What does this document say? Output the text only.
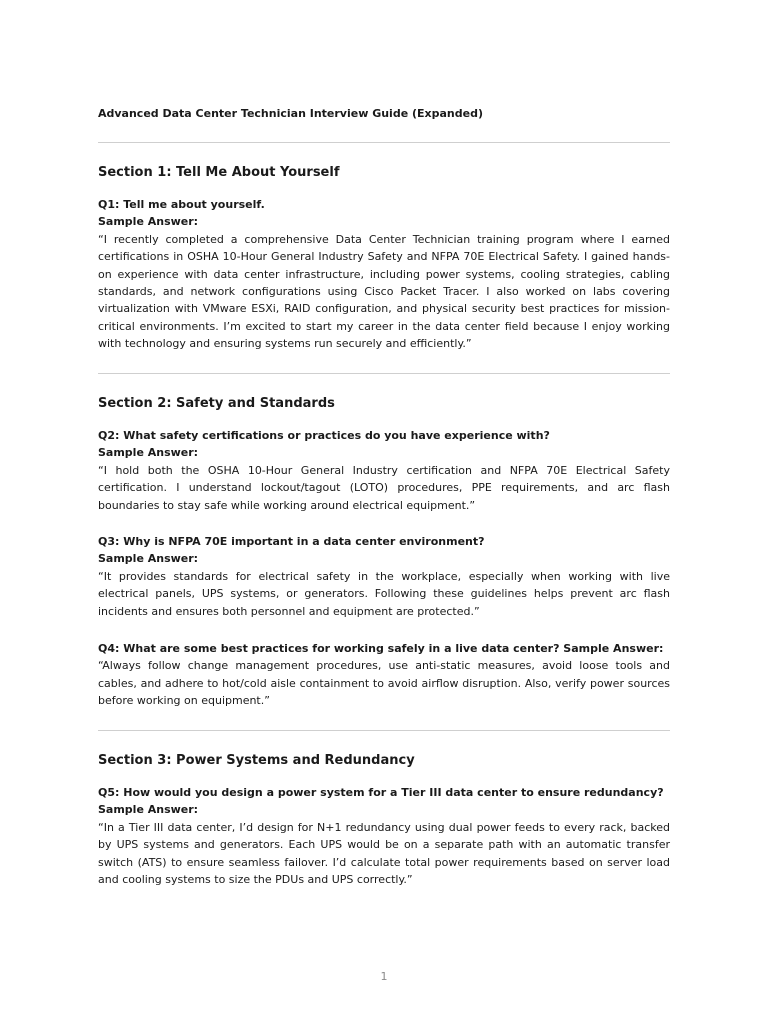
Advanced Data Center Technician Interview Guide (Expanded)
Section 1: Tell Me About Yourself
Q1: Tell me about yourself.
Sample Answer:
“I recently completed a comprehensive Data Center Technician training program where I earned certifications in OSHA 10-Hour General Industry Safety and NFPA 70E Electrical Safety. I gained hands-on experience with data center infrastructure, including power systems, cooling strategies, cabling standards, and network configurations using Cisco Packet Tracer. I also worked on labs covering virtualization with VMware ESXi, RAID configuration, and physical security best practices for mission-critical environments. I’m excited to start my career in the data center field because I enjoy working with technology and ensuring systems run securely and efficiently.”
Section 2: Safety and Standards
Q2: What safety certifications or practices do you have experience with?
Sample Answer:
“I hold both the OSHA 10-Hour General Industry certification and NFPA 70E Electrical Safety certification. I understand lockout/tagout (LOTO) procedures, PPE requirements, and arc flash boundaries to stay safe while working around electrical equipment.”
Q3: Why is NFPA 70E important in a data center environment?
Sample Answer:
“It provides standards for electrical safety in the workplace, especially when working with live electrical panels, UPS systems, or generators. Following these guidelines helps prevent arc flash incidents and ensures both personnel and equipment are protected.”
Q4: What are some best practices for working safely in a live data center? Sample Answer:
“Always follow change management procedures, use anti-static measures, avoid loose tools and cables, and adhere to hot/cold aisle containment to avoid airflow disruption. Also, verify power sources before working on equipment.”
Section 3: Power Systems and Redundancy
Q5: How would you design a power system for a Tier III data center to ensure redundancy?
Sample Answer:
“In a Tier III data center, I’d design for N+1 redundancy using dual power feeds to every rack, backed by UPS systems and generators. Each UPS would be on a separate path with an automatic transfer switch (ATS) to ensure seamless failover. I’d calculate total power requirements based on server load and cooling systems to size the PDUs and UPS correctly.”
1
